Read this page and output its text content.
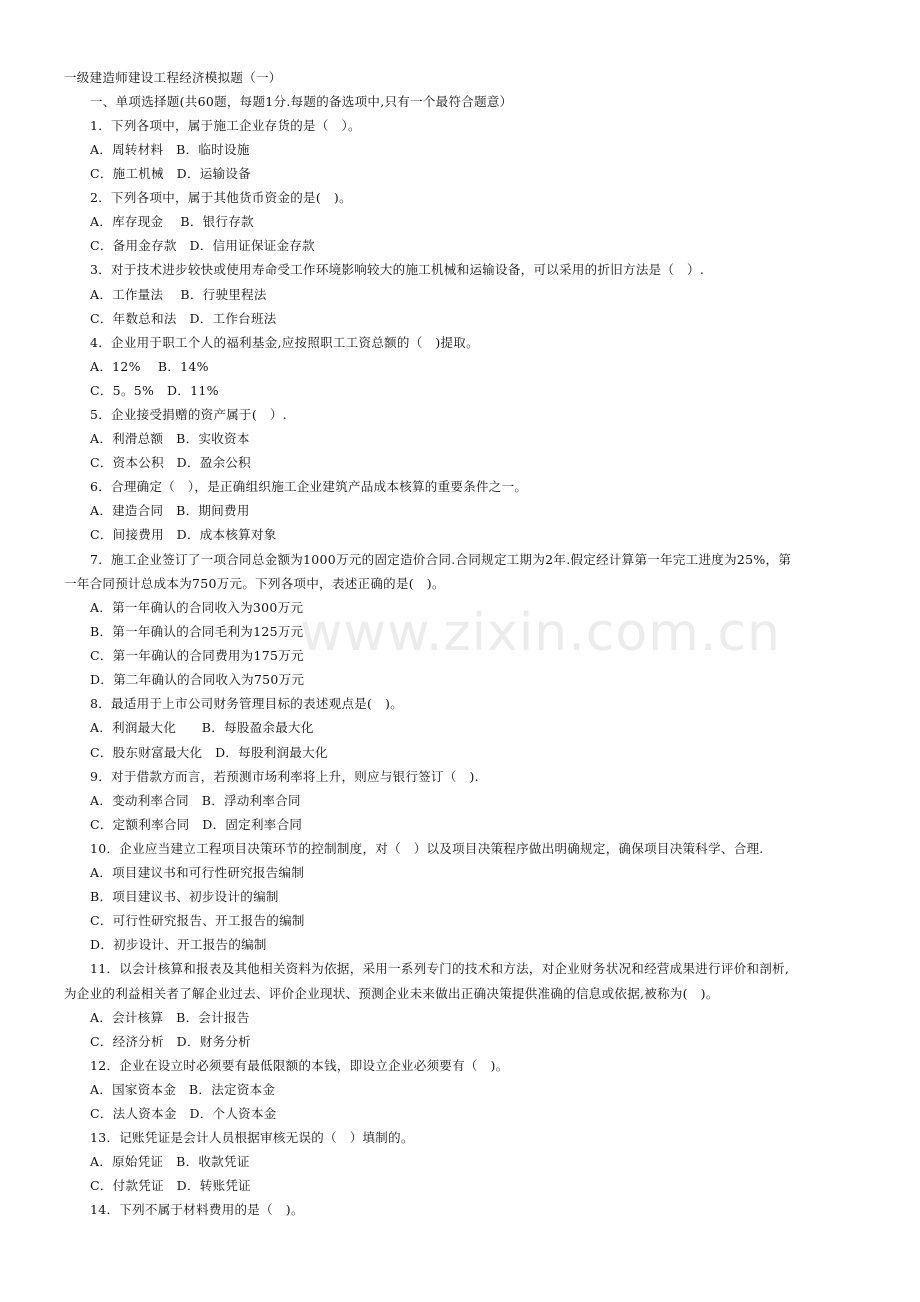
www.zixin.com.cn
一级建造师建设工程经济模拟题（一）
一、单项选择题(共60题，每题1分.每题的备选项中,只有一个最符合题意）
1．下列各项中，属于施工企业存货的是（　）。
A．周转材料　B．临时设施
C．施工机械　D．运输设备
2．下列各项中，属于其他货币资金的是(　)。
A．库存现金　 B．银行存款
C．备用金存款　D．信用证保证金存款
3．对于技术进步较快或使用寿命受工作环境影响较大的施工机械和运输设备，可以采用的折旧方法是（　）.
A．工作量法　 B．行驶里程法
C．年数总和法　D．工作台班法
4．企业用于职工个人的福利基金,应按照职工工资总额的（　)提取。
A．12%　 B．14%
C．5。5%　D．11%
5．企业接受捐赠的资产属于(　）.
A．利滑总额　B．实收资本
C．资本公积　D．盈余公积
6．合理确定（　），是正确组织施工企业建筑产品成本核算的重要条件之一。
A．建造合同　B．期间费用
C．间接费用　D．成本核算对象
7．施工企业签订了一项合同总金额为1000万元的固定造价合同.合同规定工期为2年.假定经计算第一年完工进度为25%，第
一年合同预计总成本为750万元。下列各项中，表述正确的是(　)。
A．第一年确认的合同收入为300万元
B．第一年确认的合同毛利为125万元
C．第一年确认的合同费用为175万元
D．第二年确认的合同收入为750万元
8．最适用于上市公司财务管理目标的表述观点是(　)。
A．利润最大化　　B．每股盈余最大化
C．股东财富最大化　D．每股利润最大化
9．对于借款方而言，若预测市场利率将上升，则应与银行签订（　).
A．变动利率合同　B．浮动利率合同
C．定额利率合同　D．固定利率合同
10．企业应当建立工程项目决策环节的控制制度，对（　）以及项目决策程序做出明确规定，确保项目决策科学、合理.
A．项目建议书和可行性研究报告编制
B．项目建议书、初步设计的编制
C．可行性研究报告、开工报告的编制
D．初步设计、开工报告的编制
11．以会计核算和报表及其他相关资料为依据，采用一系列专门的技术和方法，对企业财务状况和经营成果进行评价和剖析,
为企业的利益相关者了解企业过去、评价企业现状、预测企业未来做出正确决策提供准确的信息或依据,被称为(　)。
A．会计核算　B．会计报告
C．经济分析　D．财务分析
12．企业在设立时必须要有最低限额的本钱，即设立企业必须要有（　)。
A．国家资本金　B．法定资本金
C．法人资本金　D．个人资本金
13．记账凭证是会计人员根据审核无误的（　）填制的。
A．原始凭证　B．收款凭证
C．付款凭证　D．转账凭证
14．下列不属于材料费用的是（　)。
